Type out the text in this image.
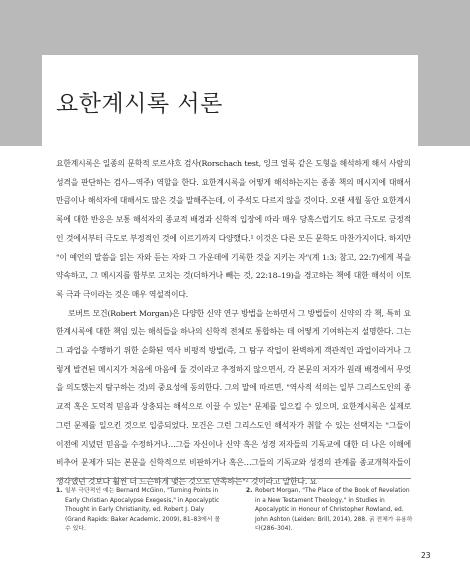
요한계시록 서론

요한계시록은 일종의 문학적 로르샤흐 검사(Rorschach test, 잉크 얼룩 같은 도형을 해석하게 해서 사람의 성격을 판단하는 검사—역주) 역할을 한다. 요한계시록을 어떻게 해석하는지는 종종 책의 메시지에 대해서 만큼이나 해석자에 대해서도 많은 것을 말해주는데, 이 주석도 다르지 않을 것이다. 오랜 세월 동안 요한계시록에 대한 반응은 보통 해석자의 종교적 배경과 신학적 입장에 따라 매우 당혹스럽기도 하고 극도로 긍정적인 것에서부터 극도로 부정적인 것에 이르기까지 다양했다.¹ 이것은 다른 모든 문학도 마찬가지이다. 하지만 "이 예언의 말씀을 읽는 자와 듣는 자와 그 가운데에 기록한 것을 지키는 자"(계 1:3; 참고, 22:7)에게 복을 약속하고, 그 메시지를 함부로 고치는 것(더하거나 빼는 것, 22:18–19)을 경고하는 책에 대한 해석이 이토록 극과 극이라는 것은 매우 역설적이다.

로버트 모건(Robert Morgan)은 다양한 신약 연구 방법을 논하면서 그 방법들이 신약의 각 책, 특히 요한계시록에 대한 책임 있는 해석들을 하나의 신학적 전체로 통합하는 데 어떻게 기여하는지 설명한다. 그는 그 과업을 수행하기 위한 순화된 역사 비평적 방법(즉, 그 탐구 작업이 완벽하게 객관적인 과업이라거나 그렇게 발견된 메시지가 처음에 마음에 둘 것이라고 추정하지 않으면서, 각 본문의 저자가 원래 배경에서 무엇을 의도했는지 탐구하는 것)의 중요성에 동의한다. 그의 말에 따르면, "역사적 석의는 일부 그리스도인의 종교적 혹은 도덕적 믿음과 상충되는 해석으로 이끌 수 있는" 문제를 일으킬 수 있으며, 요한계시록은 실제로 그런 문제를 일으킨 것으로 입증되었다. 모건은 그런 그리스도인 해석자가 취할 수 있는 선택지는 "그들이 이전에 지녔던 믿음을 수정하거나…그들 자신이나 신약 혹은 성경 저자들의 기독교에 대한 더 나은 이해에 비추어 문제가 되는 본문을 신학적으로 비판하거나 혹은…그들의 기독교와 성경의 관계를 종교개혁자들이 생각했던 것보다 훨씬 더 느슨하게 맺는 것으로 만족하는"² 것이라고 말한다. 요

1. 일부 극단적인 예는 Bernard McGinn, "Turning Points in Early Christian Apocalypse Exegesis," in Apocalyptic Thought in Early Christianity, ed. Robert J. Daly (Grand Rapids: Baker Academic, 2009), 81–83에서 볼 수 있다.
2. Robert Morgan, "The Place of the Book of Revelation in a New Testament Theology," in Studies in Apocalyptic in Honour of Christopher Rowland, ed. John Ashton (Leiden: Brill, 2014), 288. 굵 전체가 유용하다(286–304).
23
